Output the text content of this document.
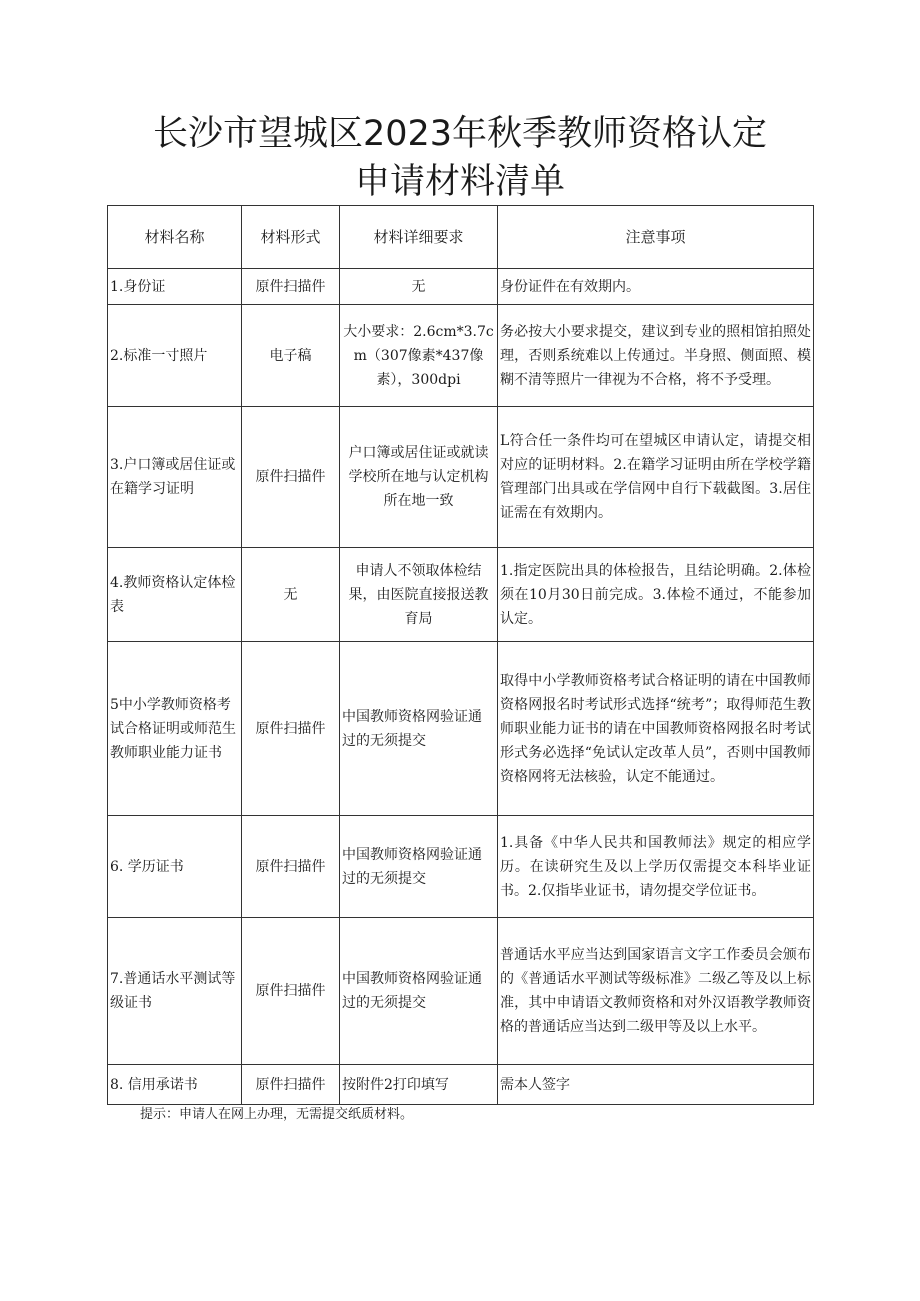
长沙市望城区2023年秋季教师资格认定
申请材料清单
材料名称	材料形式	材料详细要求	注意事项
1.身份证	原件扫描件	无	身份证件在有效期内。
2.标准一寸照片	电子稿	大小要求：2.6cm*3.7cm（307像素*437像素），300dpi	务必按大小要求提交，建议到专业的照相馆拍照处理，否则系统难以上传通过。半身照、侧面照、模糊不清等照片一律视为不合格，将不予受理。
3.户口簿或居住证或在籍学习证明	原件扫描件	户口簿或居住证或就读学校所在地与认定机构所在地一致	L符合任一条件均可在望城区申请认定，请提交相对应的证明材料。2.在籍学习证明由所在学校学籍管理部门出具或在学信网中自行下载截图。3.居住证需在有效期内。
4.教师资格认定体检表	无	申请人不领取体检结果，由医院直接报送教育局	1.指定医院出具的体检报告，且结论明确。2.体检须在10月30日前完成。3.体检不通过，不能参加认定。
5中小学教师资格考试合格证明或师范生教师职业能力证书	原件扫描件	中国教师资格网验证通过的无须提交	取得中小学教师资格考试合格证明的请在中国教师资格网报名时考试形式选择“统考”；取得师范生教师职业能力证书的请在中国教师资格网报名时考试形式务必选择“免试认定改革人员”，否则中国教师资格网将无法核验，认定不能通过。
6. 学历证书	原件扫描件	中国教师资格网验证通过的无须提交	1.具备《中华人民共和国教师法》规定的相应学历。在读研究生及以上学历仅需提交本科毕业证书。2.仅指毕业证书，请勿提交学位证书。
7.普通话水平测试等级证书	原件扫描件	中国教师资格网验证通过的无须提交	普通话水平应当达到国家语言文字工作委员会颁布的《普通话水平测试等级标准》二级乙等及以上标准，其中申请语文教师资格和对外汉语教学教师资格的普通话应当达到二级甲等及以上水平。
8. 信用承诺书	原件扫描件	按附件2打印填写	需本人签字
提示：申请人在网上办理，无需提交纸质材料。
